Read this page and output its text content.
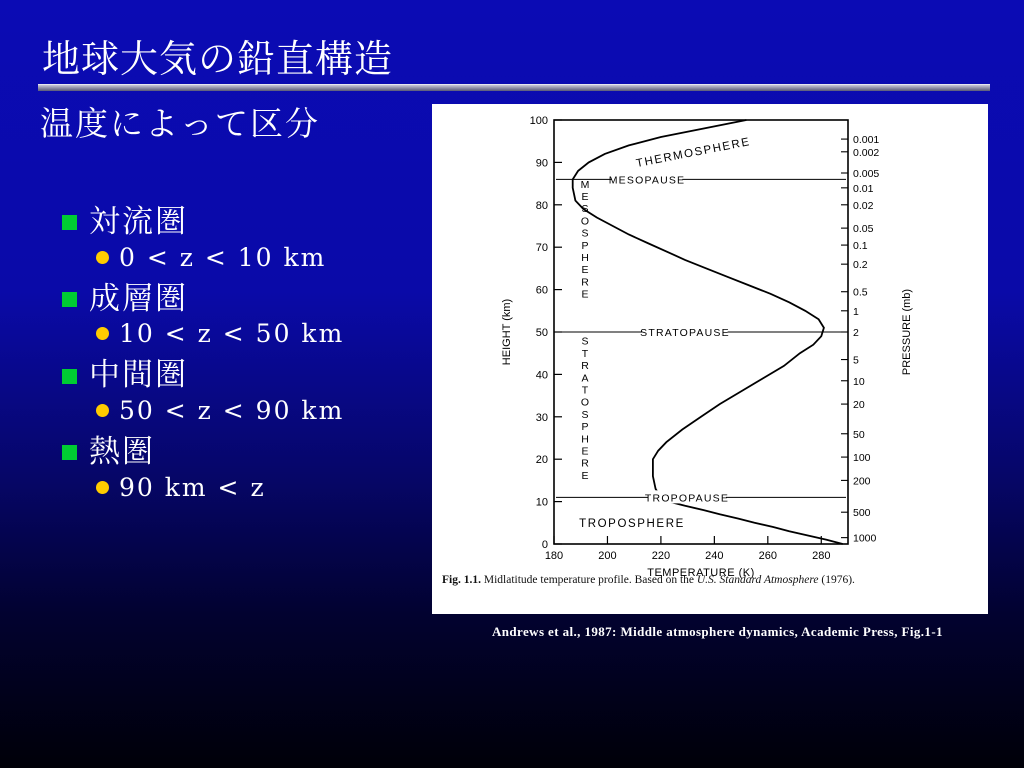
地球大気の鉛直構造
温度によって区分
対流圏
0 < z < 10 km
成層圏
10 < z < 50 km
中間圏
50 < z < 90 km
熱圏
90 km < z
0
10
20
30
40
50
60
70
80
90
100
180	200	220	240	260	280
0.001
0.002
0.005
0.01
0.02
0.05
0.1
0.2
0.5
1
2
5
10
20
50
100
200
500
1000
TEMPERATURE (K)
HEIGHT (km)	PRESSURE (mb)
MESOPAUSE
STRATOPAUSE
TROPOPAUSE
THERMOSPHERE
TROPOSPHERE
M
E
S
O
S
P
H
E
R
E
S
T
R
A
T
O
S
P
H
E
R
E
Fig. 1.1. Midlatitude temperature profile. Based on the U.S. Standard Atmosphere (1976).
Andrews et al., 1987: Middle atmosphere dynamics, Academic Press, Fig.1-1
